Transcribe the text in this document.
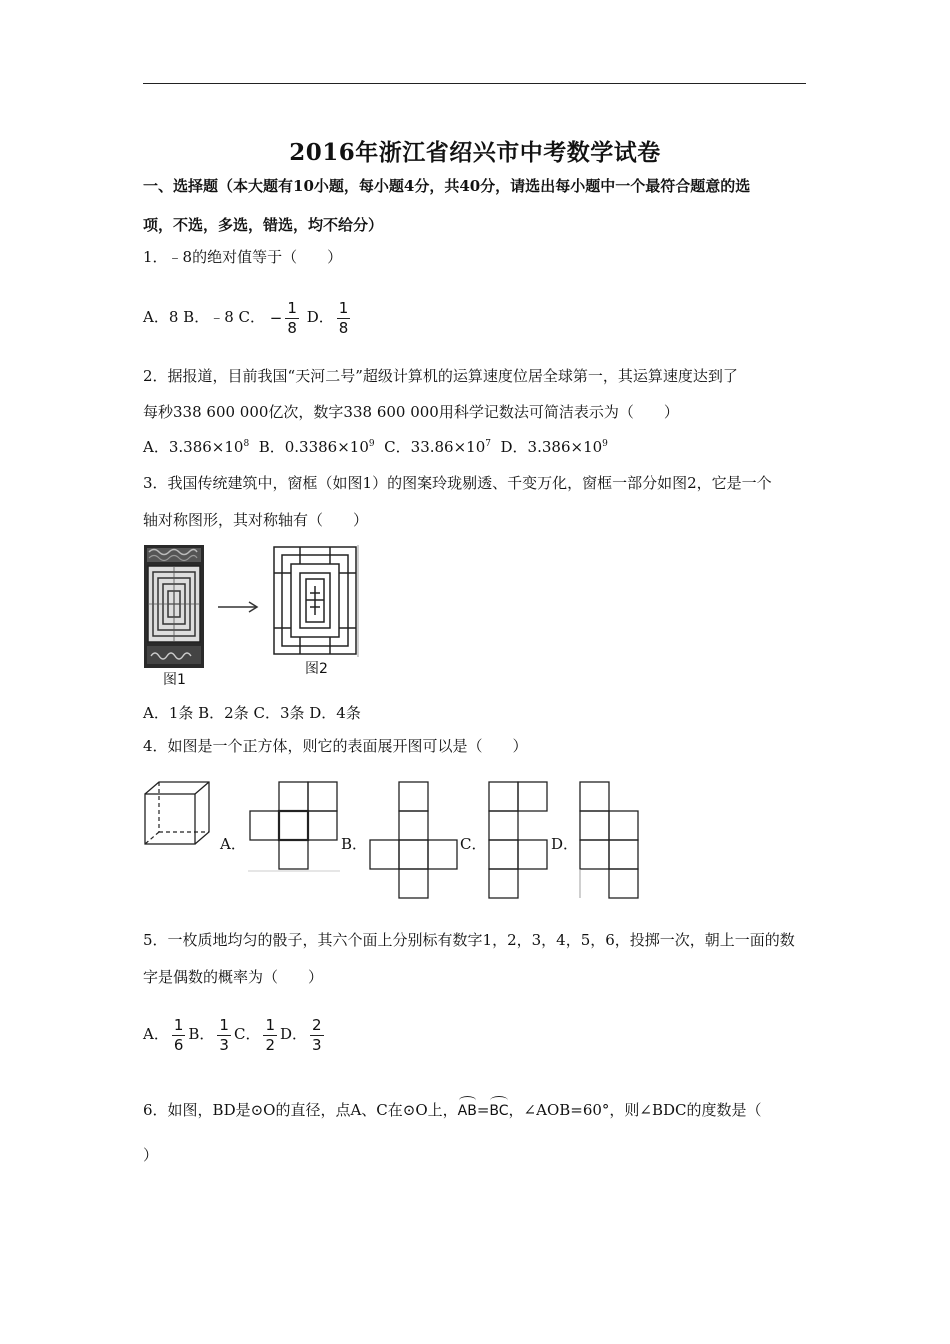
2016年浙江省绍兴市中考数学试卷
一、选择题（本大题有10小题，每小题4分，共40分，请选出每小题中一个最符合题意的选
项，不选，多选，错选，均不给分）
1．﹣8的绝对值等于（　　）
A．8 B．﹣8 C． − $\frac{1}{8}$ D． $\frac{1}{8}$
2．据报道，目前我国“天河二号”超级计算机的运算速度位居全球第一，其运算速度达到了
每秒338 600 000亿次，数字338 600 000用科学记数法可简洁表示为（　　）
A．$3.386\times 10^8$ B．$0.3386\times 10^9$ C．$33.86\times 10^7$ D．$3.386\times 10^9$
3．我国传统建筑中，窗框（如图1）的图案玲珑剔透、千变万化，窗框一部分如图2，它是一个
轴对称图形，其对称轴有（　　）
图1
图2
A．1条 B．2条 C．3条 D．4条
4．如图是一个正方体，则它的表面展开图可以是（　　）
A．	B．	C．	D．
5．一枚质地均匀的骰子，其六个面上分别标有数字1，2，3，4，5，6，投掷一次，朝上一面的数
字是偶数的概率为（　　）
A． $\frac{1}{6}$ B． $\frac{1}{3}$ C． $\frac{1}{2}$ D． $\frac{2}{3}$
6．如图，BD是⊙O的直径，点A、C在⊙O上，AB=BC，∠AOB=60°，则∠BDC的度数是（
）
